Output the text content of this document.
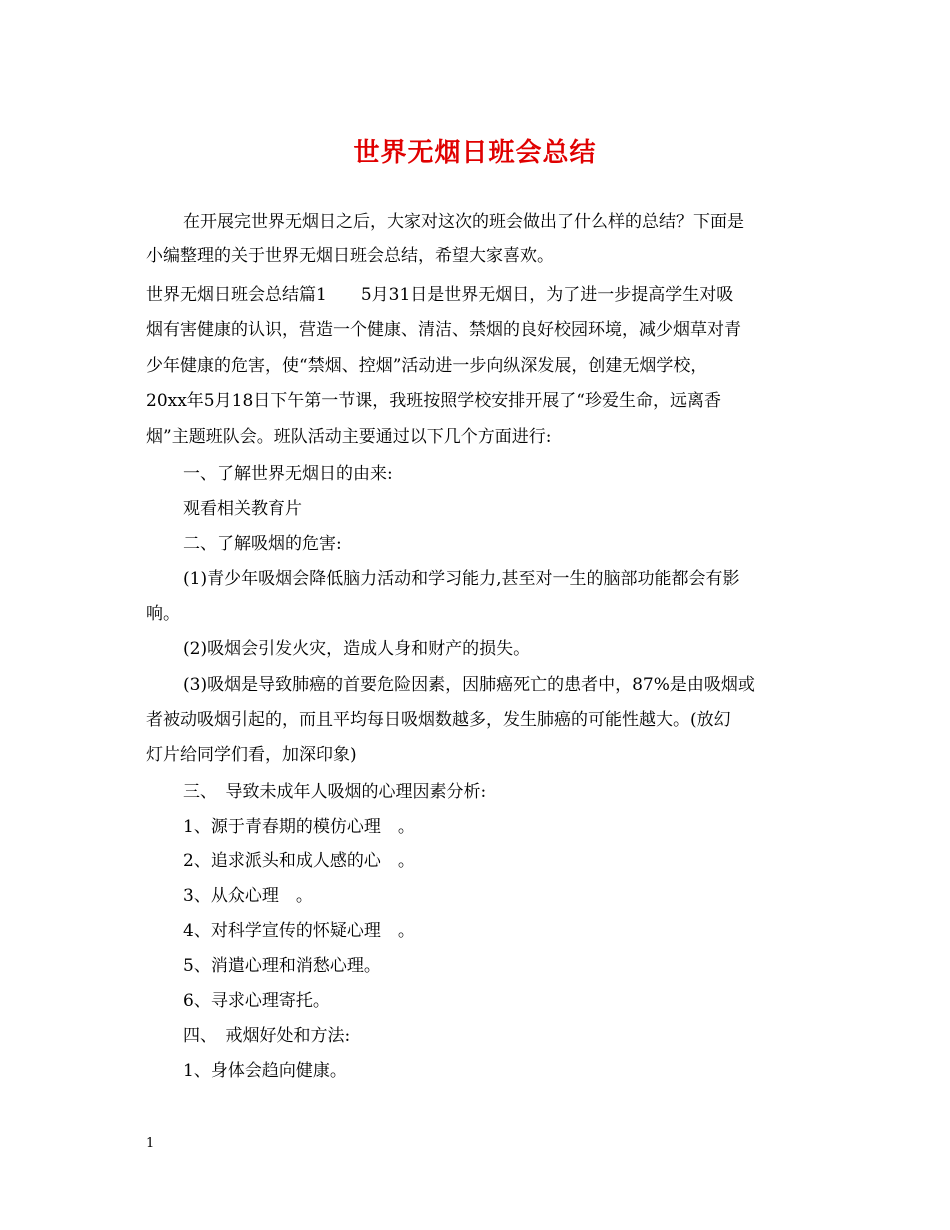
世界无烟日班会总结
在开展完世界无烟日之后，大家对这次的班会做出了什么样的总结？下面是
小编整理的关于世界无烟日班会总结，希望大家喜欢。
世界无烟日班会总结篇1　　5月31日是世界无烟日，为了进一步提高学生对吸
烟有害健康的认识，营造一个健康、清洁、禁烟的良好校园环境，减少烟草对青
少年健康的危害，使“禁烟、控烟”活动进一步向纵深发展，创建无烟学校，
20xx年5月18日下午第一节课，我班按照学校安排开展了“珍爱生命，远离香
烟”主题班队会。班队活动主要通过以下几个方面进行:
一、了解世界无烟日的由来:
观看相关教育片
二、了解吸烟的危害:
(1)青少年吸烟会降低脑力活动和学习能力,甚至对一生的脑部功能都会有影
响。
(2)吸烟会引发火灾，造成人身和财产的损失。
(3)吸烟是导致肺癌的首要危险因素，因肺癌死亡的患者中，87%是由吸烟或
者被动吸烟引起的，而且平均每日吸烟数越多，发生肺癌的可能性越大。(放幻
灯片给同学们看，加深印象)
三、　导致未成年人吸烟的心理因素分析:
1、源于青春期的模仿心理　。
2、追求派头和成人感的心　。
3、从众心理　。
4、对科学宣传的怀疑心理　。
5、消遣心理和消愁心理。
6、寻求心理寄托。
四、　戒烟好处和方法:
1、身体会趋向健康。
1
